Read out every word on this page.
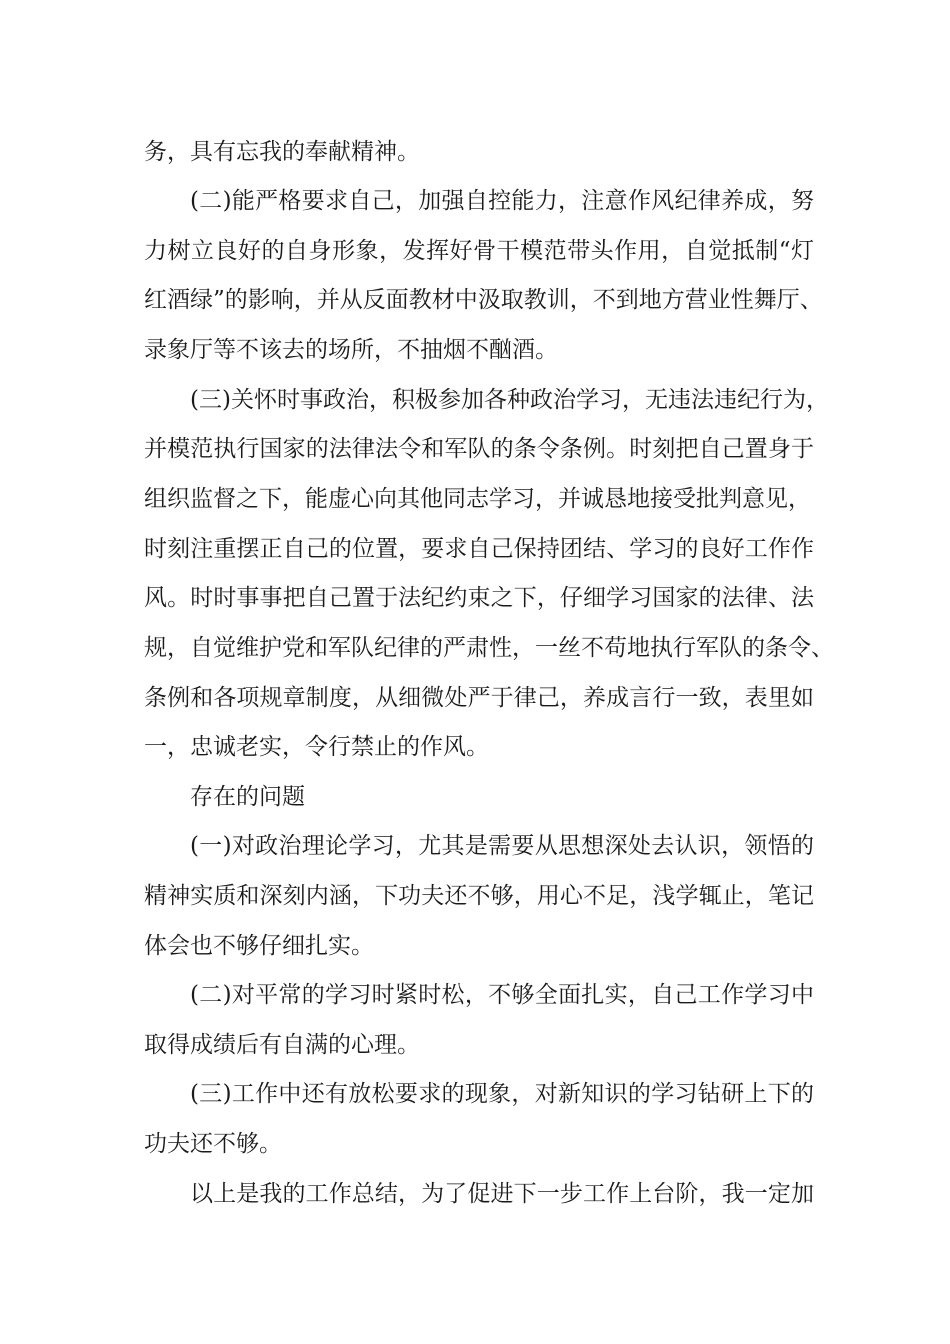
务，具有忘我的奉献精神。
(二)能严格要求自己，加强自控能力，注意作风纪律养成，努
力树立良好的自身形象，发挥好骨干模范带头作用，自觉抵制“灯
红酒绿”的影响，并从反面教材中汲取教训，不到地方营业性舞厅、
录象厅等不该去的场所，不抽烟不酗酒。
(三)关怀时事政治，积极参加各种政治学习，无违法违纪行为，
并模范执行国家的法律法令和军队的条令条例。时刻把自己置身于
组织监督之下，能虚心向其他同志学习，并诚恳地接受批判意见，
时刻注重摆正自己的位置，要求自己保持团结、学习的良好工作作
风。时时事事把自己置于法纪约束之下，仔细学习国家的法律、法
规，自觉维护党和军队纪律的严肃性，一丝不苟地执行军队的条令、
条例和各项规章制度，从细微处严于律己，养成言行一致，表里如
一，忠诚老实，令行禁止的作风。
存在的问题
(一)对政治理论学习，尤其是需要从思想深处去认识，领悟的
精神实质和深刻内涵，下功夫还不够，用心不足，浅学辄止，笔记
体会也不够仔细扎实。
(二)对平常的学习时紧时松，不够全面扎实，自己工作学习中
取得成绩后有自满的心理。
(三)工作中还有放松要求的现象，对新知识的学习钻研上下的
功夫还不够。
以上是我的工作总结，为了促进下一步工作上台阶，我一定加
